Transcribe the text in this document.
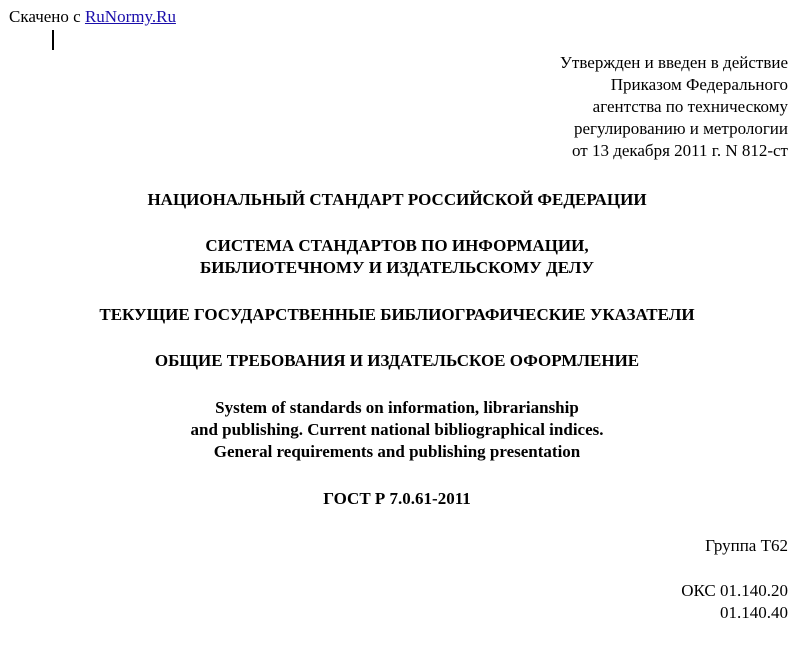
Скачено с RuNormy.Ru
Утвержден и введен в действие
Приказом Федерального
агентства по техническому
регулированию и метрологии
от 13 декабря 2011 г. N 812-ст
НАЦИОНАЛЬНЫЙ СТАНДАРТ РОССИЙСКОЙ ФЕДЕРАЦИИ
СИСТЕМА СТАНДАРТОВ ПО ИНФОРМАЦИИ,
БИБЛИОТЕЧНОМУ И ИЗДАТЕЛЬСКОМУ ДЕЛУ
ТЕКУЩИЕ ГОСУДАРСТВЕННЫЕ БИБЛИОГРАФИЧЕСКИЕ УКАЗАТЕЛИ
ОБЩИЕ ТРЕБОВАНИЯ И ИЗДАТЕЛЬСКОЕ ОФОРМЛЕНИЕ
System of standards on information, librarianship
and publishing. Current national bibliographical indices.
General requirements and publishing presentation
ГОСТ Р 7.0.61-2011
Группа Т62
ОКС 01.140.20
01.140.40
